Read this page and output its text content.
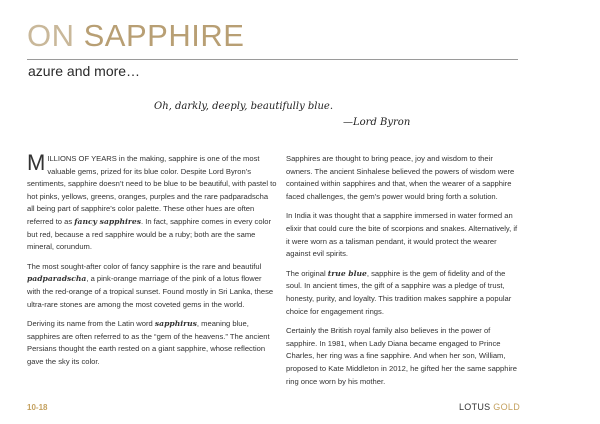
ON SAPPHIRE
azure and more…
Oh, darkly, deeply, beautifully blue.
—Lord Byron

MILLIONS OF YEARS in the making, sapphire is one of the most valuable gems, prized for its blue color. Despite Lord Byron’s sentiments, sapphire doesn’t need to be blue to be beautiful, with pastel to hot pinks, yellows, greens, oranges, purples and the rare padparadscha all being part of sapphire’s color palette. These other hues are often referred to as fancy sapphires. In fact, sapphire comes in every color but red, because a red sapphire would be a ruby; both are the same mineral, corundum.

The most sought-after color of fancy sapphire is the rare and beautiful padparadscha, a pink-orange marriage of the pink of a lotus flower with the red-orange of a tropical sunset. Found mostly in Sri Lanka, these ultra-rare stones are among the most coveted gems in the world.

Deriving its name from the Latin word sapphirus, meaning blue, sapphires are often referred to as the “gem of the heavens.” The ancient Persians thought the earth rested on a giant sapphire, whose reflection gave the sky its color.

Sapphires are thought to bring peace, joy and wisdom to their owners. The ancient Sinhalese believed the powers of wisdom were contained within sapphires and that, when the wearer of a sapphire faced challenges, the gem’s power would bring forth a solution.

In India it was thought that a sapphire immersed in water formed an elixir that could cure the bite of scorpions and snakes. Alternatively, if it were worn as a talisman pendant, it would protect the wearer against evil spirits.

The original true blue, sapphire is the gem of fidelity and of the soul. In ancient times, the gift of a sapphire was a pledge of trust, honesty, purity, and loyalty. This tradition makes sapphire a popular choice for engagement rings.

Certainly the British royal family also believes in the power of sapphire. In 1981, when Lady Diana became engaged to Prince Charles, her ring was a fine sapphire. And when her son, William, proposed to Kate Middleton in 2012, he gifted her the same sapphire ring once worn by his mother.

10-18	LOTUS GOLD
